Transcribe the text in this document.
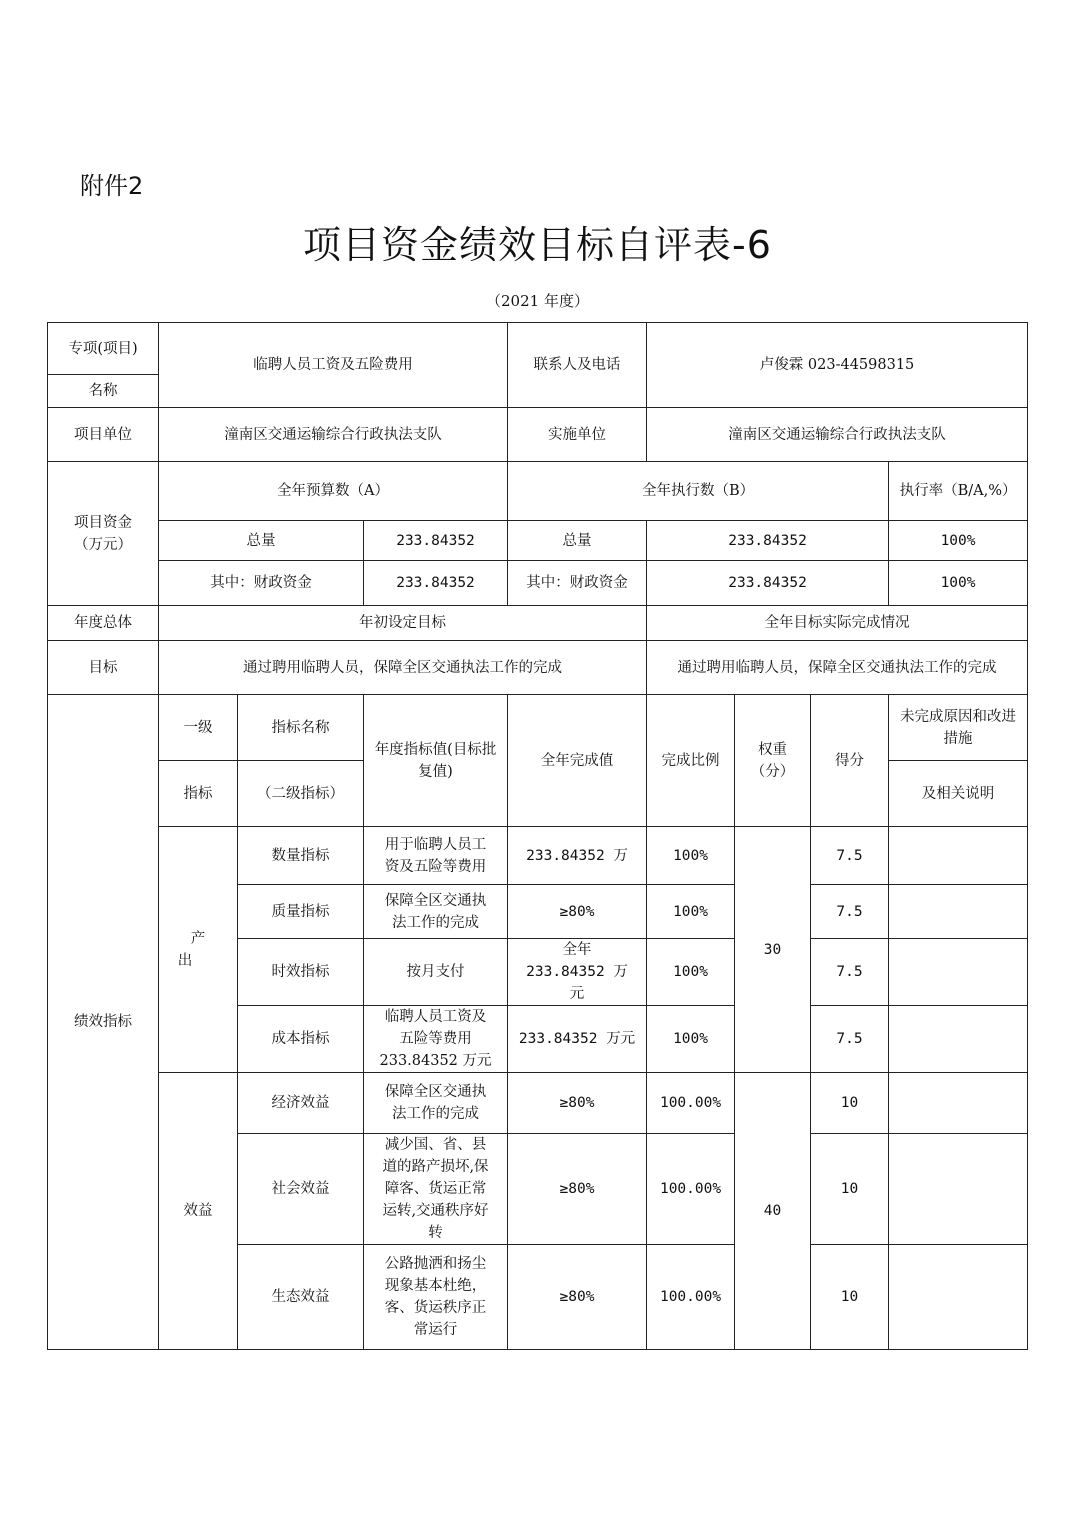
附件2
项目资金绩效目标自评表-6
（2021 年度）
专项(项目)	临聘人员工资及五险费用			联系人及电话	卢俊霖 023-44598315			
名称								
项目单位	潼南区交通运输综合行政执法支队			实施单位	潼南区交通运输综合行政执法支队			

项目资金
（万元）	全年预算数（A）			全年执行数（B）				执行率（B/A,%）
	总量		233.84352	总量	233.84352			100%
	其中：财政资金		233.84352	其中：财政资金	233.84352			100%
年度总体	年初设定目标				全年目标实际完成情况			
目标	通过聘用临聘人员，保障全区交通执法工作的完成				通过聘用临聘人员，保障全区交通执法工作的完成			
绩效指标	一级	指标名称	年度指标值(目标批复值)	全年完成值	完成比例	权重（分）	得分	未完成原因和改进措施
	指标	（二级指标）						及相关说明
	产 出	数量指标	用于临聘人员工资及五险等费用	233.84352 万	100%	30	7.5	
		质量指标	保障全区交通执法工作的完成	≥80%	100%		7.5	
		时效指标	按月支付	全年 233.84352 万元	100%		7.5	
		成本指标	临聘人员工资及五险等费用 233.84352 万元	233.84352 万元	100%		7.5	
	效益	经济效益	保障全区交通执法工作的完成	≥80%	100.00%	40	10	
		社会效益	减少国、省、县道的路产损坏,保障客、货运正常运转,交通秩序好转	≥80%	100.00%		10	
		生态效益	公路抛洒和扬尘现象基本杜绝，客、货运秩序正常运行	≥80%	100.00%		10	
